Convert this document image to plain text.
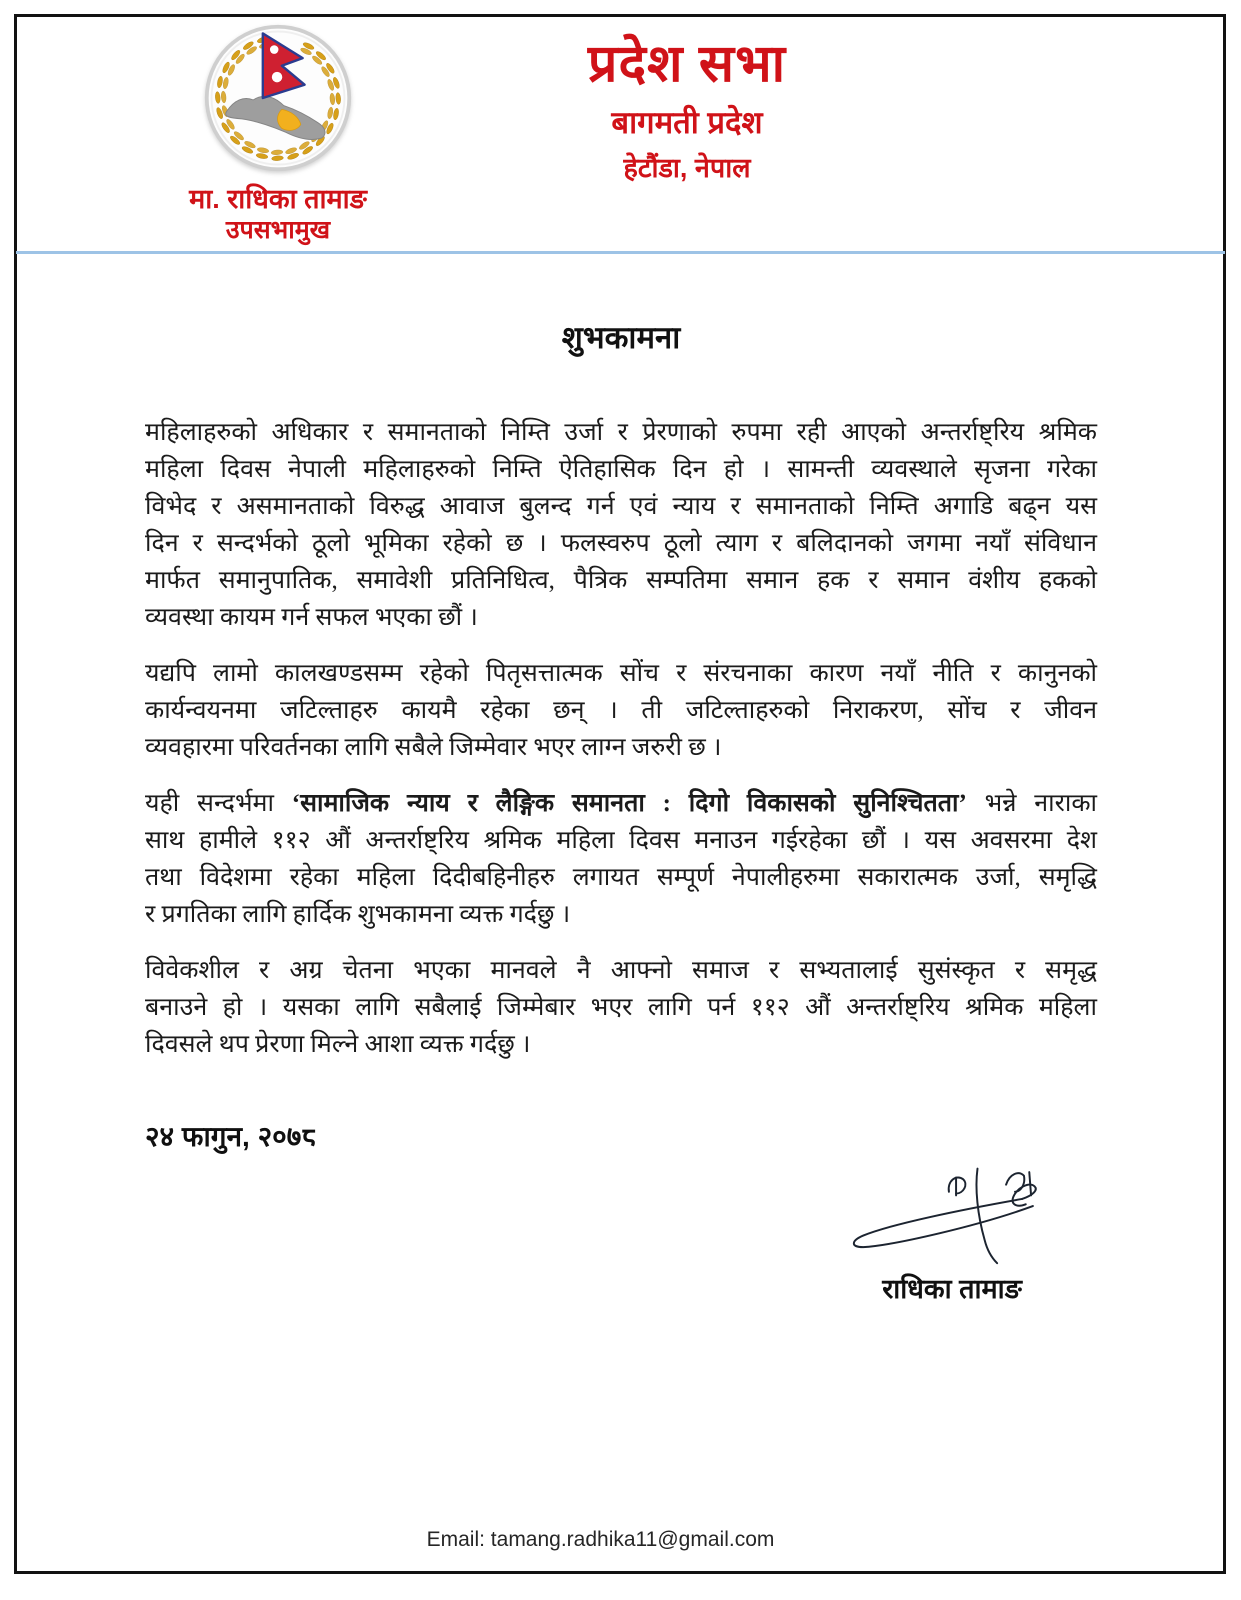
मा. राधिका तामाङ
उपसभामुख
प्रदेश सभा
बागमती प्रदेश
हेटौंडा, नेपाल
शुभकामना
महिलाहरुको अधिकार र समानताको निम्ति उर्जा र प्रेरणाको रुपमा रही आएको अन्तर्राष्ट्रिय श्रमिक
महिला दिवस नेपाली महिलाहरुको निम्ति ऐतिहासिक दिन हो । सामन्ती व्यवस्थाले सृजना गरेका
विभेद र असमानताको विरुद्ध आवाज बुलन्द गर्न एवं न्याय र समानताको निम्ति अगाडि बढ्न यस
दिन र सन्दर्भको ठूलो भूमिका रहेको छ । फलस्वरुप ठूलो त्याग र बलिदानको जगमा नयाँ संविधान
मार्फत समानुपातिक, समावेशी प्रतिनिधित्व, पैत्रिक सम्पतिमा समान हक र समान वंशीय हकको
व्यवस्था कायम गर्न सफल भएका छौं ।
यद्यपि लामो कालखण्डसम्म रहेको पितृसत्तात्मक सोंच र संरचनाका कारण नयाँ नीति र कानुनको
कार्यन्वयनमा जटिल्ताहरु कायमै रहेका छन् । ती जटिल्ताहरुको निराकरण, सोंच र जीवन
व्यवहारमा परिवर्तनका लागि सबैले जिम्मेवार भएर लाग्न जरुरी छ ।
यही सन्दर्भमा ‘सामाजिक न्याय र लैङ्गिक समानता : दिगो विकासको सुनिश्चितता’ भन्ने नाराका
साथ हामीले ११२ औं अन्तर्राष्ट्रिय श्रमिक महिला दिवस मनाउन गईरहेका छौं । यस अवसरमा देश
तथा विदेशमा रहेका महिला दिदीबहिनीहरु लगायत सम्पूर्ण नेपालीहरुमा सकारात्मक उर्जा, समृद्धि
र प्रगतिका लागि हार्दिक शुभकामना व्यक्त गर्दछु ।
विवेकशील र अग्र चेतना भएका मानवले नै आफ्नो समाज र सभ्यतालाई सुसंस्कृत र समृद्ध
बनाउने हो । यसका लागि सबैलाई जिम्मेबार भएर लागि पर्न ११२ औं अन्तर्राष्ट्रिय श्रमिक महिला
दिवसले थप प्रेरणा मिल्ने आशा व्यक्त गर्दछु ।
२४ फागुन, २०७८
राधिका तामाङ
Email: tamang.radhika11@gmail.com
